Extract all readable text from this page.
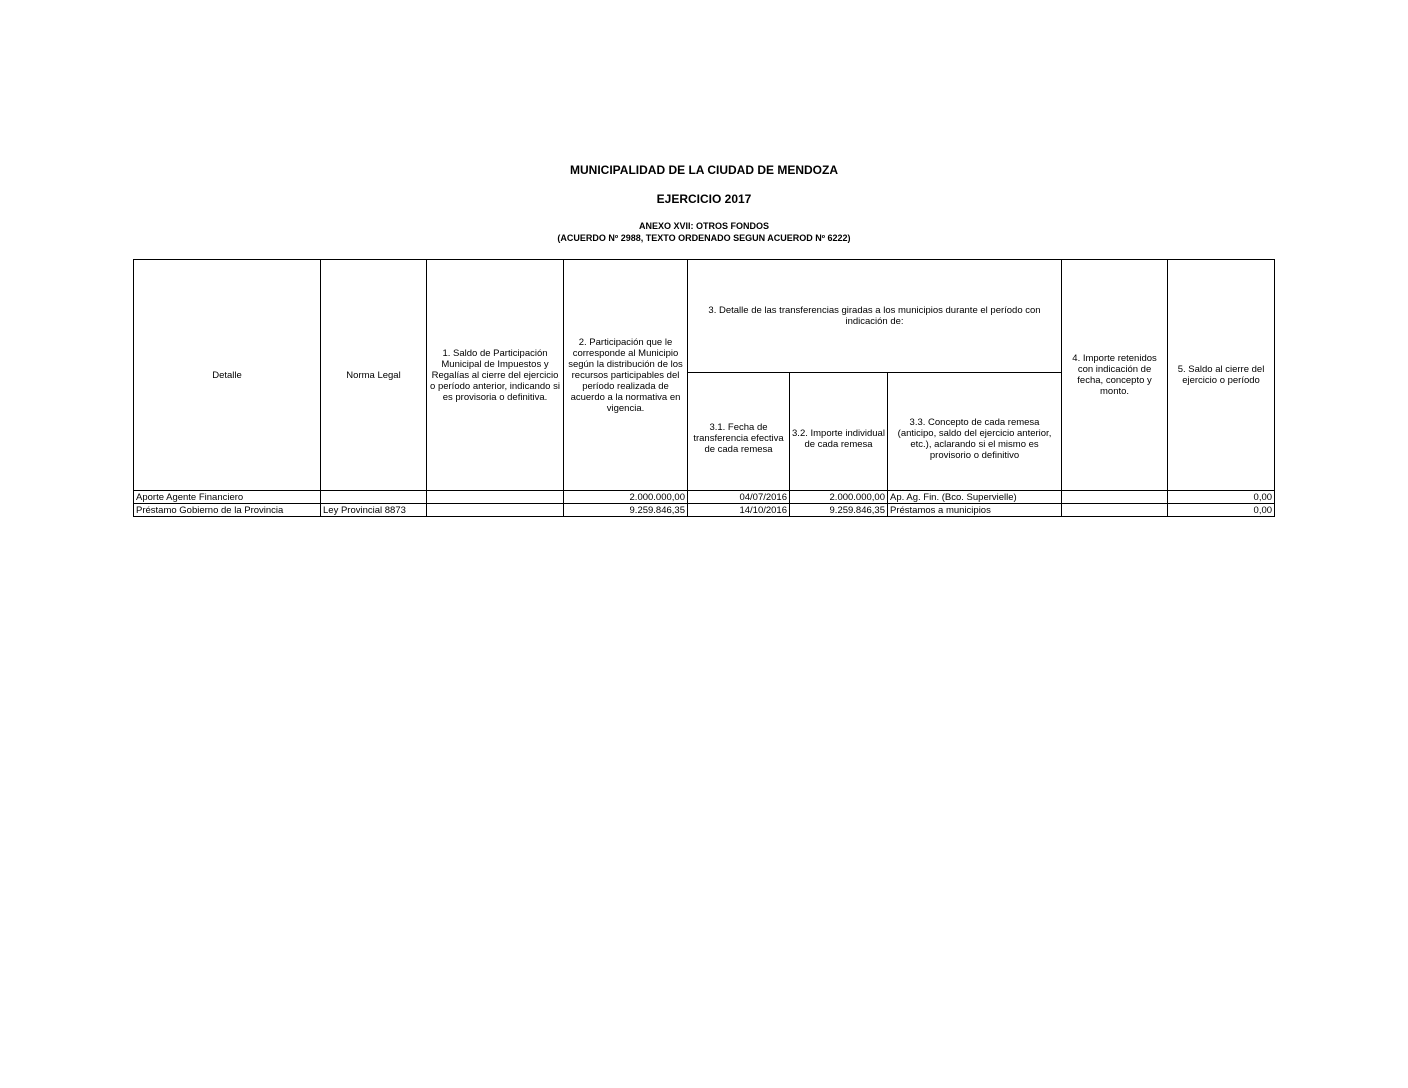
MUNICIPALIDAD DE LA CIUDAD DE MENDOZA
EJERCICIO 2017
ANEXO XVII: OTROS FONDOS
(ACUERDO Nº 2988, TEXTO ORDENADO SEGUN ACUEROD Nº 6222)
Detalle	Norma Legal	1. Saldo de Participación Municipal de Impuestos y Regalías al cierre del ejercicio o período anterior, indicando si es provisoria o definitiva.	2. Participación que le corresponde al Municipio según la distribución de los recursos participables del período realizada de acuerdo a la normativa en vigencia.	3. Detalle de las transferencias giradas a los municipios durante el período con indicación de:			4. Importe retenidos con indicación de fecha, concepto y monto.	5. Saldo al cierre del ejercicio o período
				3.1. Fecha de transferencia efectiva de cada remesa	3.2. Importe individual de cada remesa	3.3. Concepto de cada remesa (anticipo, saldo del ejercicio anterior, etc.), aclarando si el mismo es provisorio o definitivo		
Aporte Agente Financiero			2.000.000,00	04/07/2016	2.000.000,00	Ap. Ag. Fin. (Bco. Supervielle)		0,00
Préstamo Gobierno de la Provincia	Ley Provincial 8873		9.259.846,35	14/10/2016	9.259.846,35	Préstamos a municipios		0,00
